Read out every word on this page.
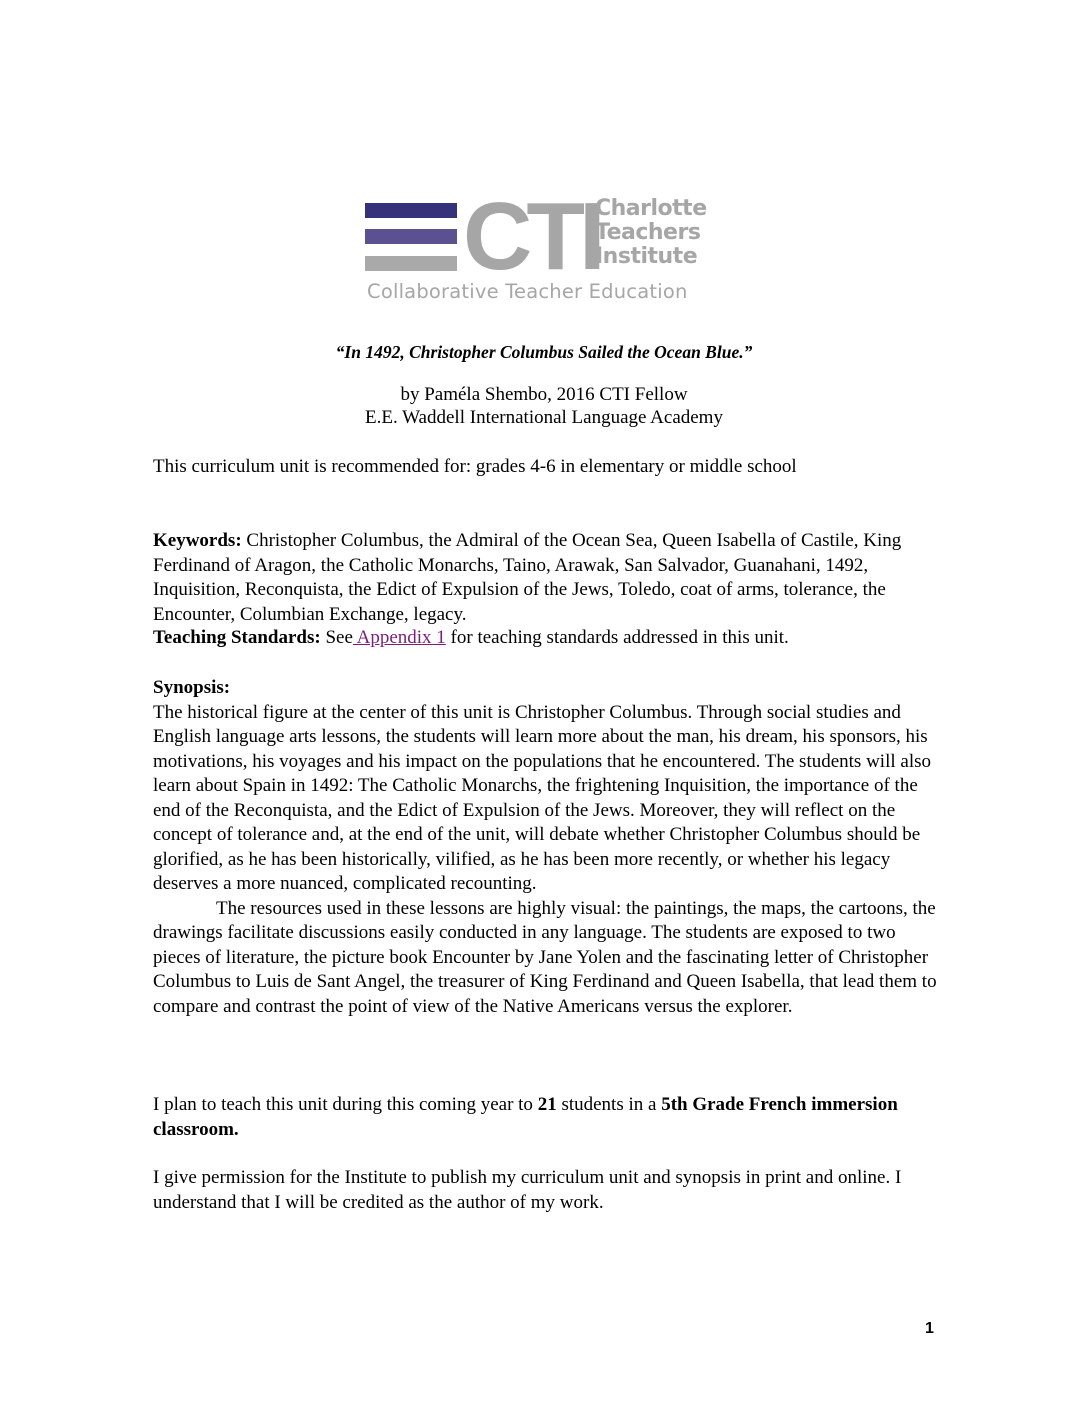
CTI
Charlotte
Teachers
Institute
Collaborative Teacher Education
“In 1492, Christopher Columbus Sailed the Ocean Blue.”
by Paméla Shembo, 2016 CTI Fellow
E.E. Waddell International Language Academy
This curriculum unit is recommended for: grades 4-6 in elementary or middle school
Keywords: Christopher Columbus, the Admiral of the Ocean Sea, Queen Isabella of Castile, King Ferdinand of Aragon, the Catholic Monarchs, Taino, Arawak, San Salvador, Guanahani, 1492, Inquisition, Reconquista, the Edict of Expulsion of the Jews, Toledo, coat of arms, tolerance, the Encounter, Columbian Exchange, legacy.
Teaching Standards: See Appendix 1 for teaching standards addressed in this unit.
Synopsis:
The historical figure at the center of this unit is Christopher Columbus. Through social studies and English language arts lessons, the students will learn more about the man, his dream, his sponsors, his motivations, his voyages and his impact on the populations that he encountered. The students will also learn about Spain in 1492: The Catholic Monarchs, the frightening Inquisition, the importance of the end of the Reconquista, and the Edict of Expulsion of the Jews. Moreover, they will reflect on the concept of tolerance and, at the end of the unit, will debate whether Christopher Columbus should be glorified, as he has been historically, vilified, as he has been more recently, or whether his legacy deserves a more nuanced, complicated recounting.
The resources used in these lessons are highly visual: the paintings, the maps, the cartoons, the drawings facilitate discussions easily conducted in any language. The students are exposed to two pieces of literature, the picture book Encounter by Jane Yolen and the fascinating letter of Christopher Columbus to Luis de Sant Angel, the treasurer of King Ferdinand and Queen Isabella, that lead them to compare and contrast the point of view of the Native Americans versus the explorer.
I plan to teach this unit during this coming year to 21 students in a 5th Grade French immersion classroom.
I give permission for the Institute to publish my curriculum unit and synopsis in print and online. I understand that I will be credited as the author of my work.
1
